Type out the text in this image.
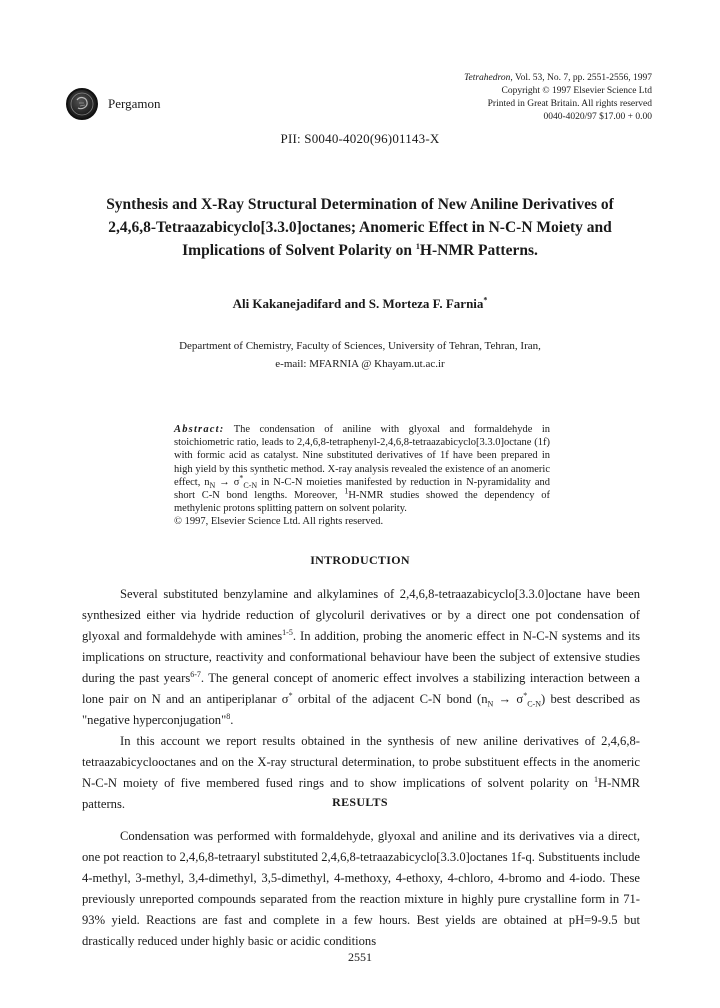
Pergamon
Tetrahedron, Vol. 53, No. 7, pp. 2551-2556, 1997
Copyright © 1997 Elsevier Science Ltd
Printed in Great Britain. All rights reserved
0040-4020/97 $17.00 + 0.00
PII: S0040-4020(96)01143-X
Synthesis and X-Ray Structural Determination of New Aniline Derivatives of 2,4,6,8-Tetraazabicyclo[3.3.0]octanes; Anomeric Effect in N-C-N Moiety and Implications of Solvent Polarity on $^1$H-NMR Patterns.
Ali Kakanejadifard and S. Morteza F. Farnia*
Department of Chemistry, Faculty of Sciences, University of Tehran, Tehran, Iran,
e-mail: MFARNIA @ Khayam.ut.ac.ir

Abstract: The condensation of aniline with glyoxal and formaldehyde in stoichiometric ratio, leads to 2,4,6,8-tetraphenyl-2,4,6,8-tetraazabicyclo[3.3.0]octane (1f) with formic acid as catalyst. Nine substituted derivatives of 1f have been prepared in high yield by this synthetic method. X-ray analysis revealed the existence of an anomeric effect, $n_N \to \sigma^*_{C-N}$ in N-C-N moieties manifested by reduction in N-pyramidality and short C-N bond lengths. Moreover, $^1$H-NMR studies showed the dependency of methylenic protons splitting pattern on solvent polarity.

© 1997, Elsevier Science Ltd. All rights reserved.

INTRODUCTION

Several substituted benzylamine and alkylamines of 2,4,6,8-tetraazabicyclo[3.3.0]octane have been synthesized either via hydride reduction of glycoluril derivatives or by a direct one pot condensation of glyoxal and formaldehyde with amines$^{1-5}$. In addition, probing the anomeric effect in N-C-N systems and its implications on structure, reactivity and conformational behaviour have been the subject of extensive studies during the past years$^{6-7}$. The general concept of anomeric effect involves a stabilizing interaction between a lone pair on N and an antiperiplanar σ* orbital of the adjacent C-N bond $(n_N \to \sigma^*_{C-N})$ best described as "negative hyperconjugation"$^8$.

In this account we report results obtained in the synthesis of new aniline derivatives of 2,4,6,8-tetraazabicyclooctanes and on the X-ray structural determination, to probe substituent effects in the anomeric N-C-N moiety of five membered fused rings and to show implications of solvent polarity on $^1$H-NMR patterns.	RESULTS

Condensation was performed with formaldehyde, glyoxal and aniline and its derivatives via a direct, one pot reaction to 2,4,6,8-tetraaryl substituted 2,4,6,8-tetraazabicyclo[3.3.0]octanes 1f-q. Substituents include 4-methyl, 3-methyl, 3,4-dimethyl, 3,5-dimethyl, 4-methoxy, 4-ethoxy, 4-chloro, 4-bromo and 4-iodo. These previously unreported compounds separated from the reaction mixture in highly pure crystalline form in 71-93% yield. Reactions are fast and complete in a few hours. Best yields are obtained at pH=9-9.5 but drastically reduced under highly basic or acidic conditions

2551
